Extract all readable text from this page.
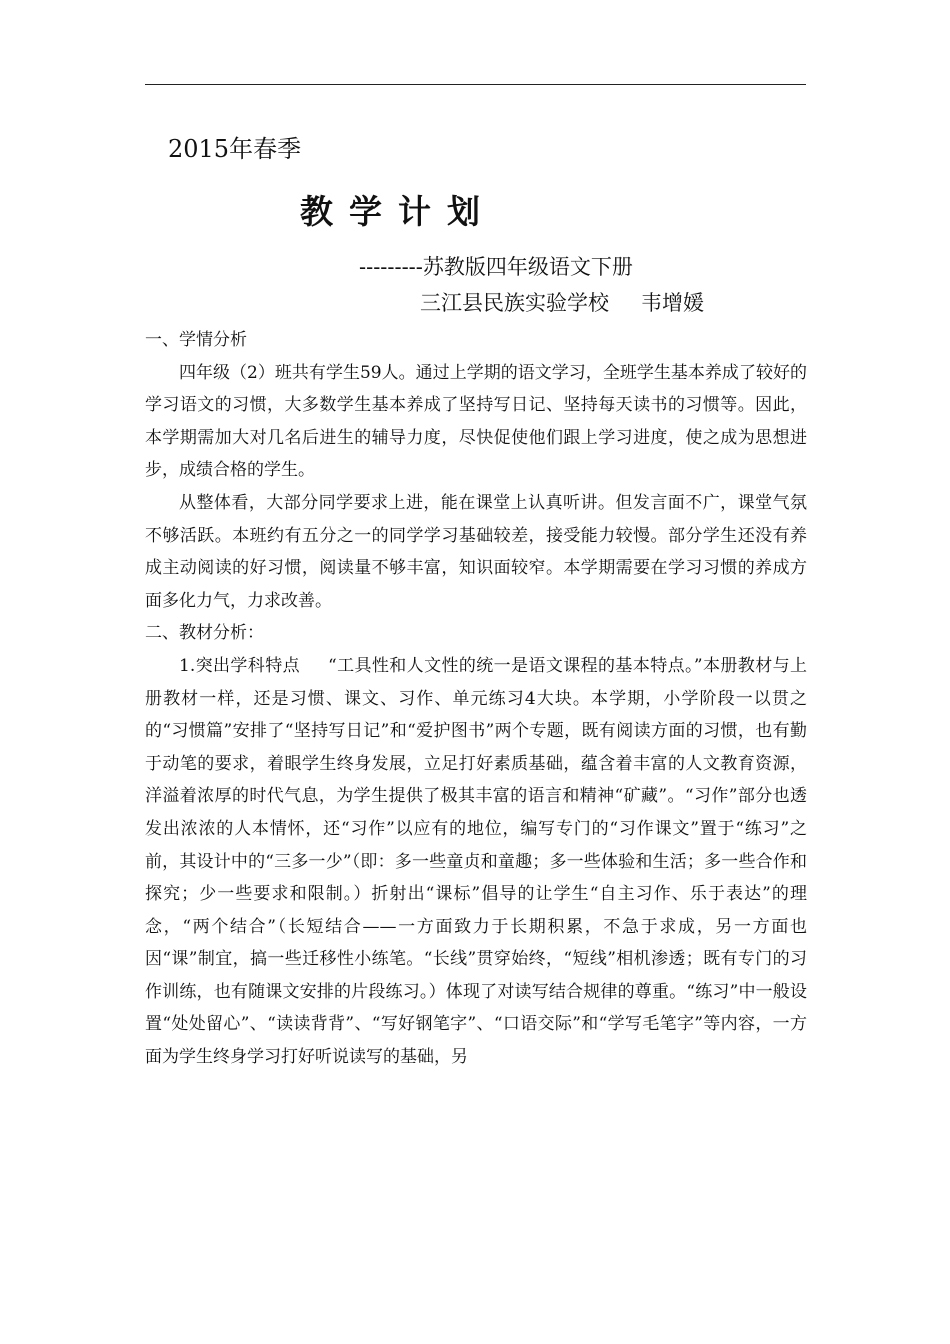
2015年春季
教学计划
---------苏教版四年级语文下册
三江县民族实验学校 韦增媛

一、学情分析

四年级（2）班共有学生59人。通过上学期的语文学习，全班学生基本养成了较好的学习语文的习惯，大多数学生基本养成了坚持写日记、坚持每天读书的习惯等。因此，本学期需加大对几名后进生的辅导力度，尽快促使他们跟上学习进度，使之成为思想进步，成绩合格的学生。

从整体看，大部分同学要求上进，能在课堂上认真听讲。但发言面不广，课堂气氛不够活跃。本班约有五分之一的同学学习基础较差，接受能力较慢。部分学生还没有养成主动阅读的好习惯，阅读量不够丰富，知识面较窄。本学期需要在学习习惯的养成方面多化力气，力求改善。

二、教材分析：

1.突出学科特点 “工具性和人文性的统一是语文课程的基本特点。”本册教材与上册教材一样，还是习惯、课文、习作、单元练习4大块。本学期，小学阶段一以贯之的“习惯篇”安排了“坚持写日记”和“爱护图书”两个专题，既有阅读方面的习惯，也有勤于动笔的要求，着眼学生终身发展，立足打好素质基础，蕴含着丰富的人文教育资源，洋溢着浓厚的时代气息，为学生提供了极其丰富的语言和精神“矿藏”。“习作”部分也透发出浓浓的人本情怀，还“习作”以应有的地位，编写专门的“习作课文”置于“练习”之前，其设计中的“三多一少”（即：多一些童贞和童趣；多一些体验和生活；多一些合作和探究；少一些要求和限制。）折射出“课标”倡导的让学生“自主习作、乐于表达”的理念，“两个结合”（长短结合——一方面致力于长期积累，不急于求成，另一方面也因“课”制宜，搞一些迁移性小练笔。“长线”贯穿始终，“短线”相机渗透；既有专门的习作训练，也有随课文安排的片段练习。）体现了对读写结合规律的尊重。“练习”中一般设置“处处留心”、“读读背背”、“写好钢笔字”、“口语交际”和“学写毛笔字”等内容，一方面为学生终身学习打好听说读写的基础，另
